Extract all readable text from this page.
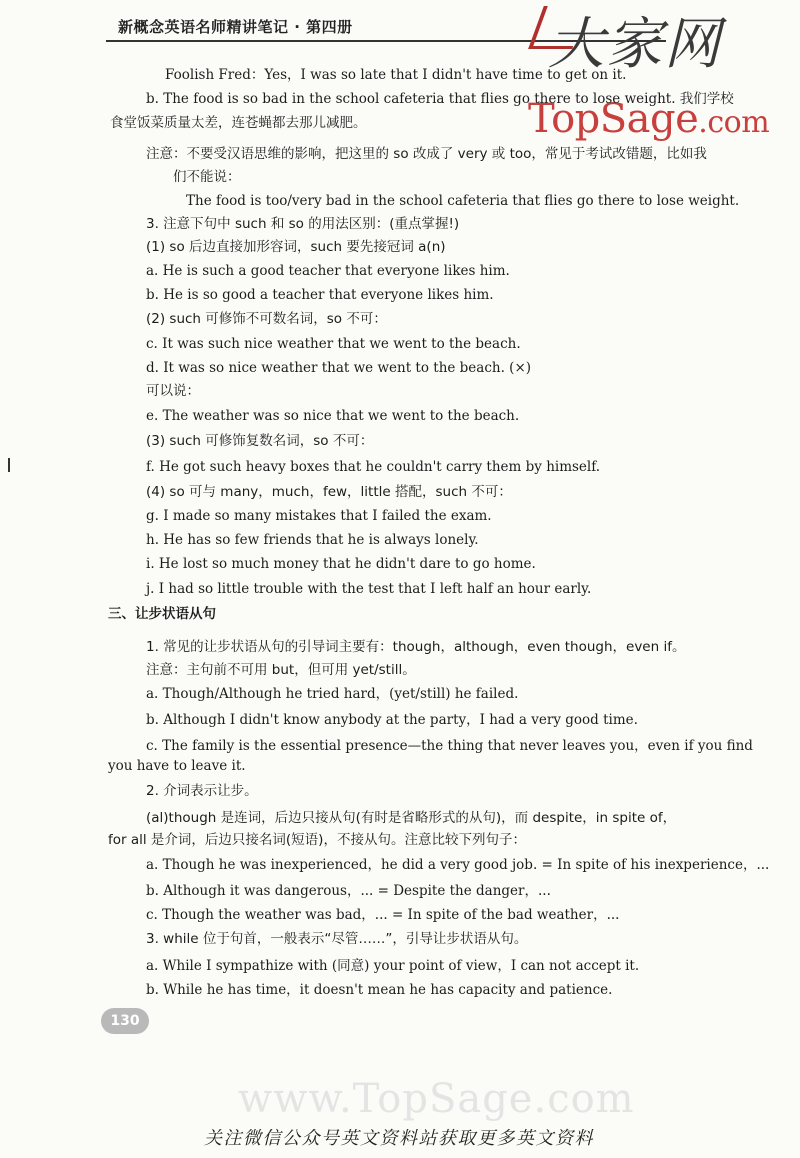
新概念英语名师精讲笔记 · 第四册	大家网
TopSage.com
Foolish Fred：Yes，I was so late that I didn't have time to get on it.
b. The food is so bad in the school cafeteria that flies go there to lose weight. 我们学校
食堂饭菜质量太差，连苍蝇都去那儿减肥。
注意：不要受汉语思维的影响，把这里的 so 改成了 very 或 too，常见于考试改错题，比如我
们不能说：
The food is too/very bad in the school cafeteria that flies go there to lose weight.
3. 注意下句中 such 和 so 的用法区别：(重点掌握!)
(1) so 后边直接加形容词，such 要先接冠词 a(n)
a. He is such a good teacher that everyone likes him.
b. He is so good a teacher that everyone likes him.
(2) such 可修饰不可数名词，so 不可：
c. It was such nice weather that we went to the beach.
d. It was so nice weather that we went to the beach. (×)
可以说：
e. The weather was so nice that we went to the beach.
(3) such 可修饰复数名词，so 不可：
f. He got such heavy boxes that he couldn't carry them by himself.
(4) so 可与 many，much，few，little 搭配，such 不可：
g. I made so many mistakes that I failed the exam.
h. He has so few friends that he is always lonely.
i. He lost so much money that he didn't dare to go home.
j. I had so little trouble with the test that I left half an hour early.
三、让步状语从句
1. 常见的让步状语从句的引导词主要有：though，although，even though，even if。
注意：主句前不可用 but，但可用 yet/still。
a. Though/Although he tried hard，(yet/still) he failed.
b. Although I didn't know anybody at the party，I had a very good time.
c. The family is the essential presence—the thing that never leaves you，even if you find
you have to leave it.
2. 介词表示让步。
(al)though 是连词，后边只接从句(有时是省略形式的从句)，而 despite，in spite of，
for all 是介词，后边只接名词(短语)，不接从句。注意比较下列句子：
a. Though he was inexperienced，he did a very good job. = In spite of his inexperience，...
b. Although it was dangerous，... = Despite the danger，...
c. Though the weather was bad，... = In spite of the bad weather，...
3. while 位于句首，一般表示“尽管……”，引导让步状语从句。
a. While I sympathize with (同意) your point of view，I can not accept it.
b. While he has time，it doesn't mean he has capacity and patience.
130
www.TopSage.com
关注微信公众号英文资料站获取更多英文资料
